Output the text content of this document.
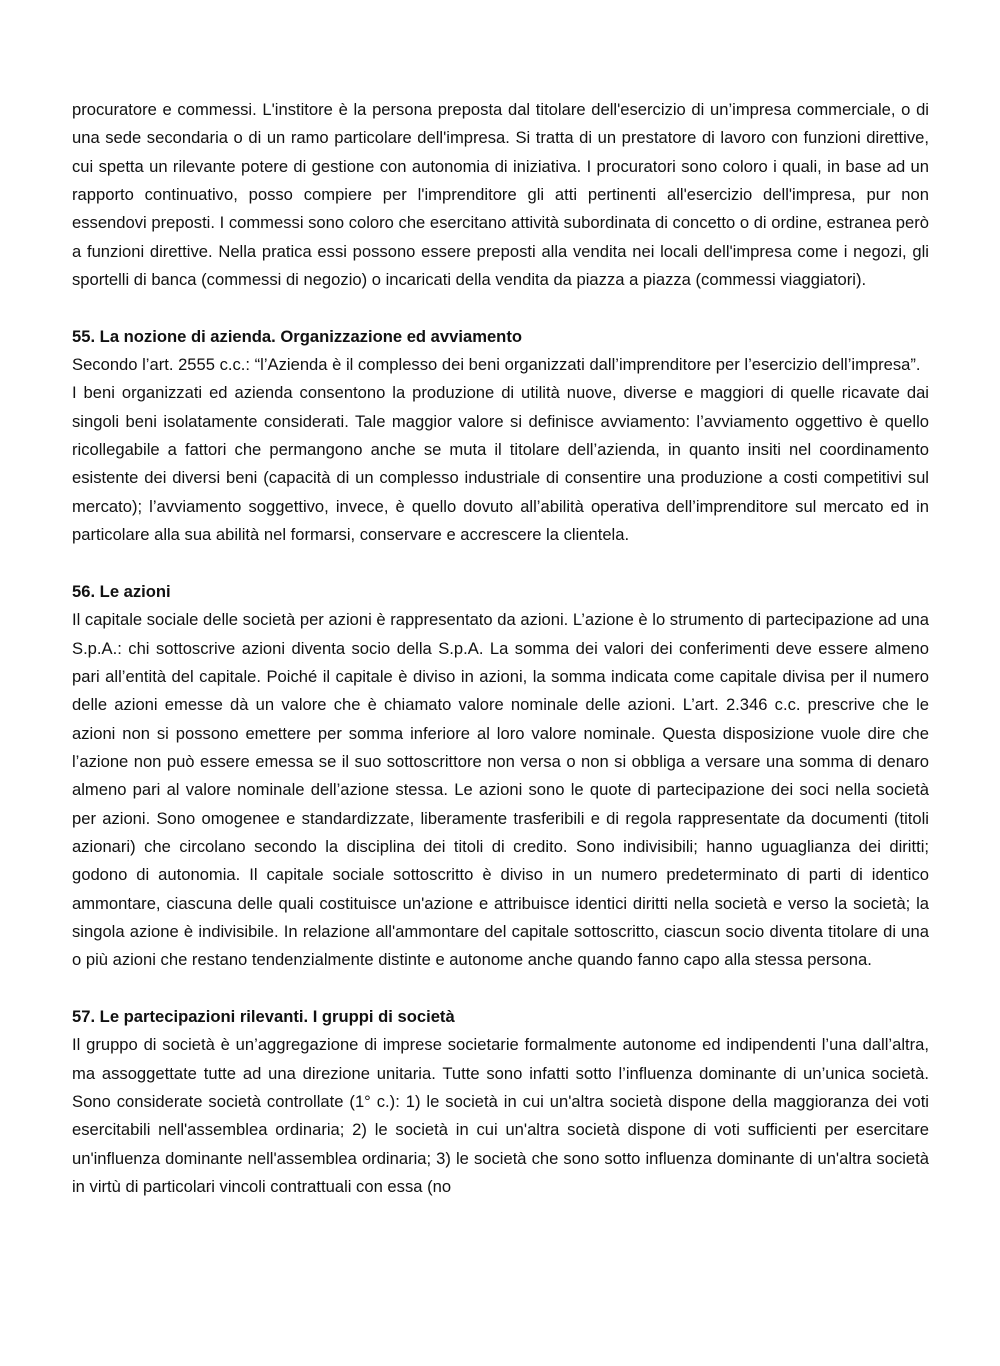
procuratore e commessi. L'institore è la persona preposta dal titolare dell'esercizio di un’impresa commerciale, o di una sede secondaria o di un ramo particolare dell'impresa. Si tratta di un prestatore di lavoro con funzioni direttive, cui spetta un rilevante potere di gestione con autonomia di iniziativa. I procuratori sono coloro i quali, in base ad un rapporto continuativo, posso compiere per l'imprenditore gli atti pertinenti all'esercizio dell'impresa, pur non essendovi preposti. I commessi sono coloro che esercitano attività subordinata di concetto o di ordine, estranea però a funzioni direttive. Nella pratica essi possono essere preposti alla vendita nei locali dell'impresa come i negozi, gli sportelli di banca (commessi di negozio) o incaricati della vendita da piazza a piazza (commessi viaggiatori).

55. La nozione di azienda. Organizzazione ed avviamento

Secondo l’art. 2555 c.c.: “l’Azienda è il complesso dei beni organizzati dall’imprenditore per l’esercizio dell’impresa”.

I beni organizzati ed azienda consentono la produzione di utilità nuove, diverse e maggiori di quelle ricavate dai singoli beni isolatamente considerati. Tale maggior valore si definisce avviamento: l’avviamento oggettivo è quello ricollegabile a fattori che permangono anche se muta il titolare dell’azienda, in quanto insiti nel coordinamento esistente dei diversi beni (capacità di un complesso industriale di consentire una produzione a costi competitivi sul mercato); l’avviamento soggettivo, invece, è quello dovuto all’abilità operativa dell’imprenditore sul mercato ed in particolare alla sua abilità nel formarsi, conservare e accrescere la clientela.

56. Le azioni

Il capitale sociale delle società per azioni è rappresentato da azioni. L’azione è lo strumento di partecipazione ad una S.p.A.: chi sottoscrive azioni diventa socio della S.p.A. La somma dei valori dei conferimenti deve essere almeno pari all’entità del capitale. Poiché il capitale è diviso in azioni, la somma indicata come capitale divisa per il numero delle azioni emesse dà un valore che è chiamato valore nominale delle azioni. L’art. 2.346 c.c. prescrive che le azioni non si possono emettere per somma inferiore al loro valore nominale. Questa disposizione vuole dire che l’azione non può essere emessa se il suo sottoscrittore non versa o non si obbliga a versare una somma di denaro almeno pari al valore nominale dell’azione stessa. Le azioni sono le quote di partecipazione dei soci nella società per azioni. Sono omogenee e standardizzate, liberamente trasferibili e di regola rappresentate da documenti (titoli azionari) che circolano secondo la disciplina dei titoli di credito. Sono indivisibili; hanno uguaglianza dei diritti; godono di autonomia. Il capitale sociale sottoscritto è diviso in un numero predeterminato di parti di identico ammontare, ciascuna delle quali costituisce un'azione e attribuisce identici diritti nella società e verso la società; la singola azione è indivisibile. In relazione all'ammontare del capitale sottoscritto, ciascun socio diventa titolare di una o più azioni che restano tendenzialmente distinte e autonome anche quando fanno capo alla stessa persona.

57. Le partecipazioni rilevanti. I gruppi di società

Il gruppo di società è un’aggregazione di imprese societarie formalmente autonome ed indipendenti l’una dall’altra, ma assoggettate tutte ad una direzione unitaria. Tutte sono infatti sotto l’influenza dominante di un’unica società. Sono considerate società controllate (1° c.): 1) le società in cui un'altra società dispone della maggioranza dei voti esercitabili nell'assemblea ordinaria; 2) le società in cui un'altra società dispone di voti sufficienti per esercitare un'influenza dominante nell'assemblea ordinaria; 3) le società che sono sotto influenza dominante di un'altra società in virtù di particolari vincoli contrattuali con essa (no
